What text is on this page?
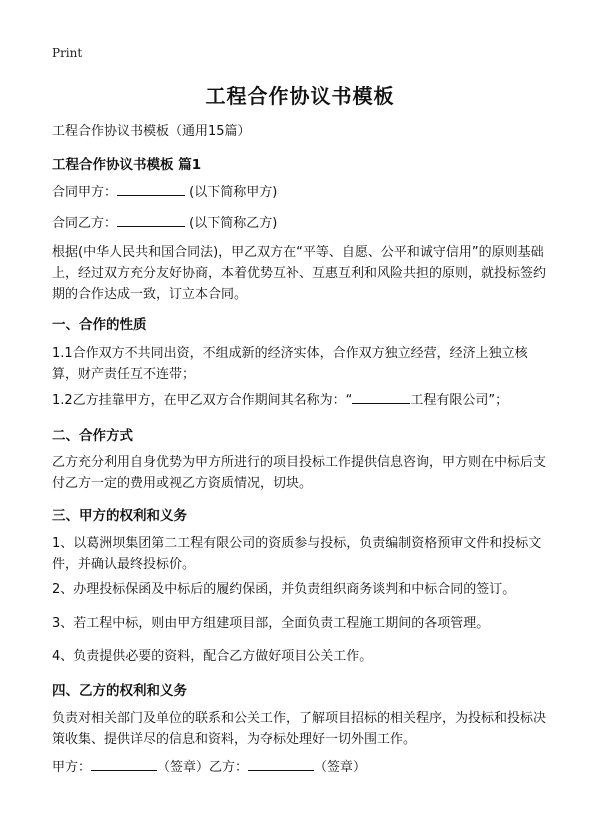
Print
工程合作协议书模板
工程合作协议书模板（通用15篇）
工程合作协议书模板 篇1
合同甲方：	(以下简称甲方)
合同乙方：	(以下简称乙方)
根据(中华人民共和国合同法)，甲乙双方在“平等、自愿、公平和诚守信用”的原则基础上，经过双方充分友好协商，本着优势互补、互惠互利和风险共担的原则，就投标签约期的合作达成一致，订立本合同。
一、合作的性质
1.1合作双方不共同出资，不组成新的经济实体，合作双方独立经营，经济上独立核算，财产责任互不连带；
1.2乙方挂靠甲方，在甲乙双方合作期间其名称为：“	工程有限公司”；
二、合作方式
乙方充分利用自身优势为甲方所进行的项目投标工作提供信息咨询，甲方则在中标后支付乙方一定的费用或视乙方资质情况，切块。
三、甲方的权利和义务
1、以葛洲坝集团第二工程有限公司的资质参与投标，负责编制资格预审文件和投标文件，并确认最终投标价。
2、办理投标保函及中标后的履约保函，并负责组织商务谈判和中标合同的签订。
3、若工程中标，则由甲方组建项目部，全面负责工程施工期间的各项管理。
4、负责提供必要的资料，配合乙方做好项目公关工作。
四、乙方的权利和义务
负责对相关部门及单位的联系和公关工作，了解项目招标的相关程序，为投标和投标决策收集、提供详尽的信息和资料，为夺标处理好一切外围工作。
甲方：	（签章）乙方：	（签章）
